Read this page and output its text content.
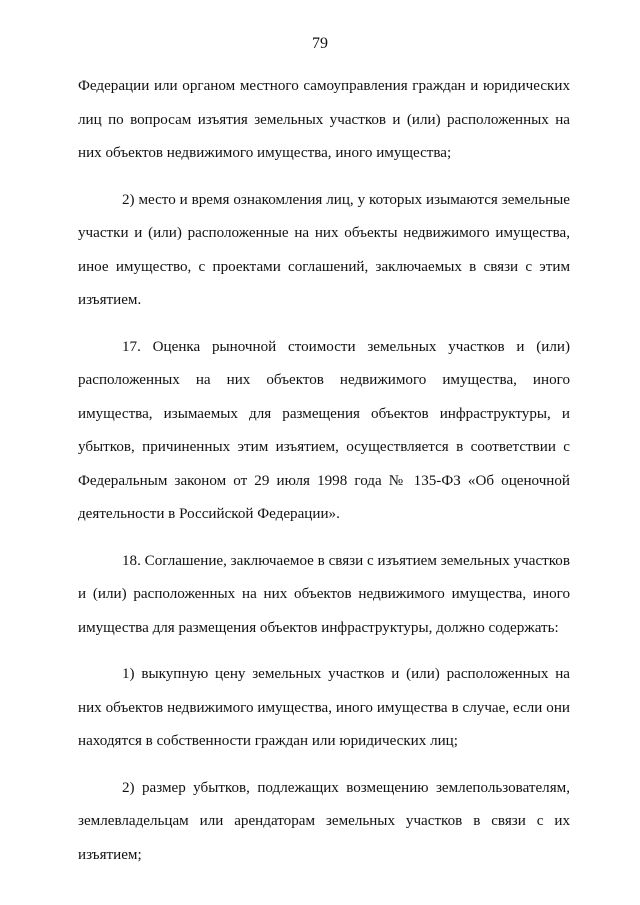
79

Федерации или органом местного самоуправления граждан и юридических лиц по вопросам изъятия земельных участков и (или) расположенных на них объектов недвижимого имущества, иного имущества;

2) место и время ознакомления лиц, у которых изымаются земельные участки и (или) расположенные на них объекты недвижимого имущества, иное имущество, с проектами соглашений, заключаемых в связи с этим изъятием.

17. Оценка рыночной стоимости земельных участков и (или) расположенных на них объектов недвижимого имущества, иного имущества, изымаемых для размещения объектов инфраструктуры, и убытков, причиненных этим изъятием, осуществляется в соответствии с Федеральным законом от 29 июля 1998 года № 135-ФЗ «Об оценочной деятельности в Российской Федерации».

18. Соглашение, заключаемое в связи с изъятием земельных участков и (или) расположенных на них объектов недвижимого имущества, иного имущества для размещения объектов инфраструктуры, должно содержать:

1) выкупную цену земельных участков и (или) расположенных на них объектов недвижимого имущества, иного имущества в случае, если они находятся в собственности граждан или юридических лиц;

2) размер убытков, подлежащих возмещению землепользователям, землевладельцам или арендаторам земельных участков в связи с их изъятием;
